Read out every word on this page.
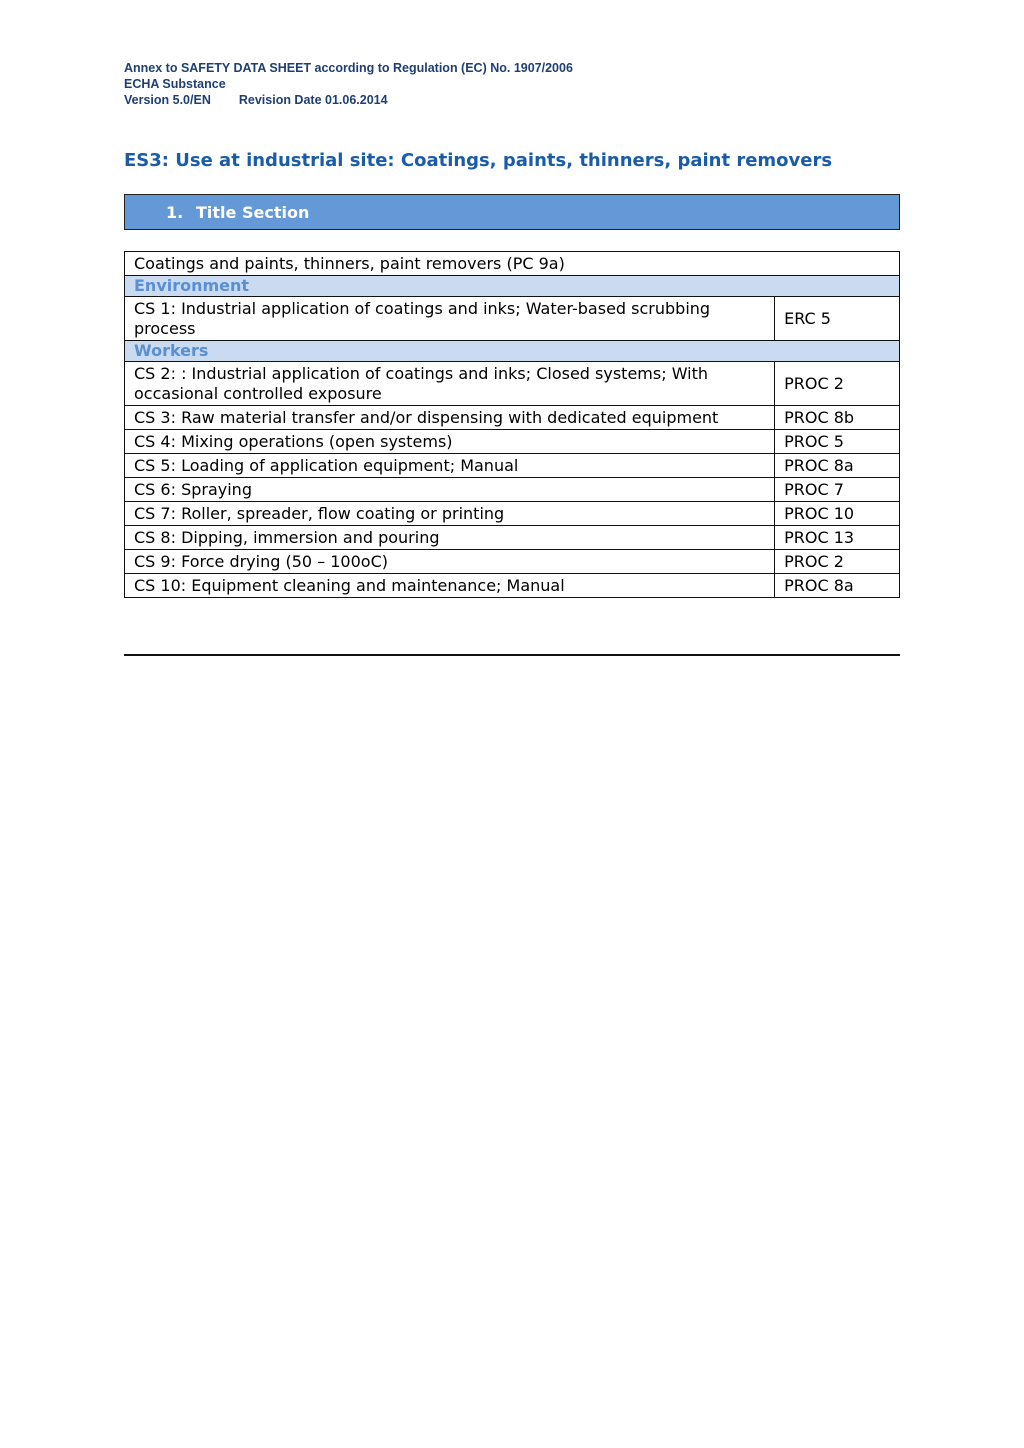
Annex to SAFETY DATA SHEET according to Regulation (EC) No. 1907/2006
ECHA Substance
Version 5.0/EN Revision Date 01.06.2014
ES3: Use at industrial site: Coatings, paints, thinners, paint removers
1. Title Section
Coatings and paints, thinners, paint removers (PC 9a)	
Environment	
CS 1: Industrial application of coatings and inks; Water-based scrubbing process	ERC 5
Workers	
CS 2: : Industrial application of coatings and inks; Closed systems; With occasional controlled exposure	PROC 2
CS 3: Raw material transfer and/or dispensing with dedicated equipment	PROC 8b
CS 4: Mixing operations (open systems)	PROC 5
CS 5: Loading of application equipment; Manual	PROC 8a
CS 6: Spraying	PROC 7
CS 7: Roller, spreader, flow coating or printing	PROC 10
CS 8: Dipping, immersion and pouring	PROC 13
CS 9: Force drying (50 – 100oC)	PROC 2
CS 10: Equipment cleaning and maintenance; Manual	PROC 8a
